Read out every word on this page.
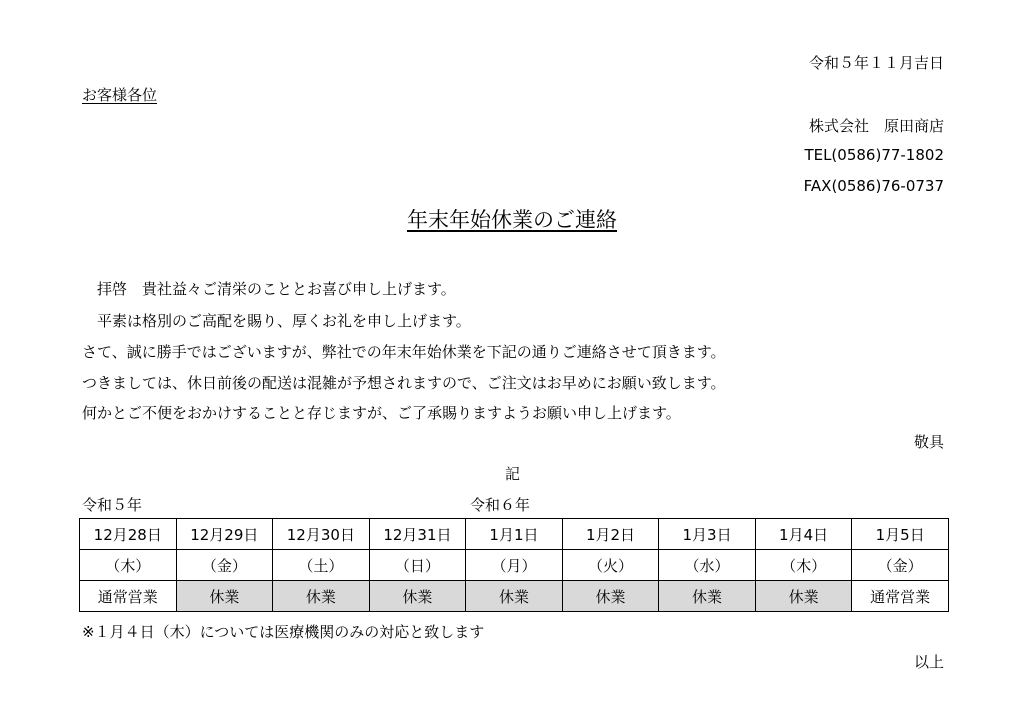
令和５年１１月吉日
お客様各位
株式会社　原田商店
TEL(0586)77-1802
FAX(0586)76-0737
年末年始休業のご連絡
　拝啓　貴社益々ご清栄のこととお喜び申し上げます。
　平素は格別のご高配を賜り、厚くお礼を申し上げます。
さて、誠に勝手ではございますが、弊社での年末年始休業を下記の通りご連絡させて頂きます。
つきましては、休日前後の配送は混雑が予想されますので、ご注文はお早めにお願い致します。
何かとご不便をおかけすることと存じますが、ご了承賜りますようお願い申し上げます。
敬具
記
令和５年	令和６年
12月28日	12月29日	12月30日	12月31日	1月1日	1月2日	1月3日	1月4日	1月5日
（木）	（金）	（土）	（日）	（月）	（火）	（水）	（木）	（金）
通常営業	休業	休業	休業	休業	休業	休業	休業	通常営業
※１月４日（木）については医療機関のみの対応と致します
以上
